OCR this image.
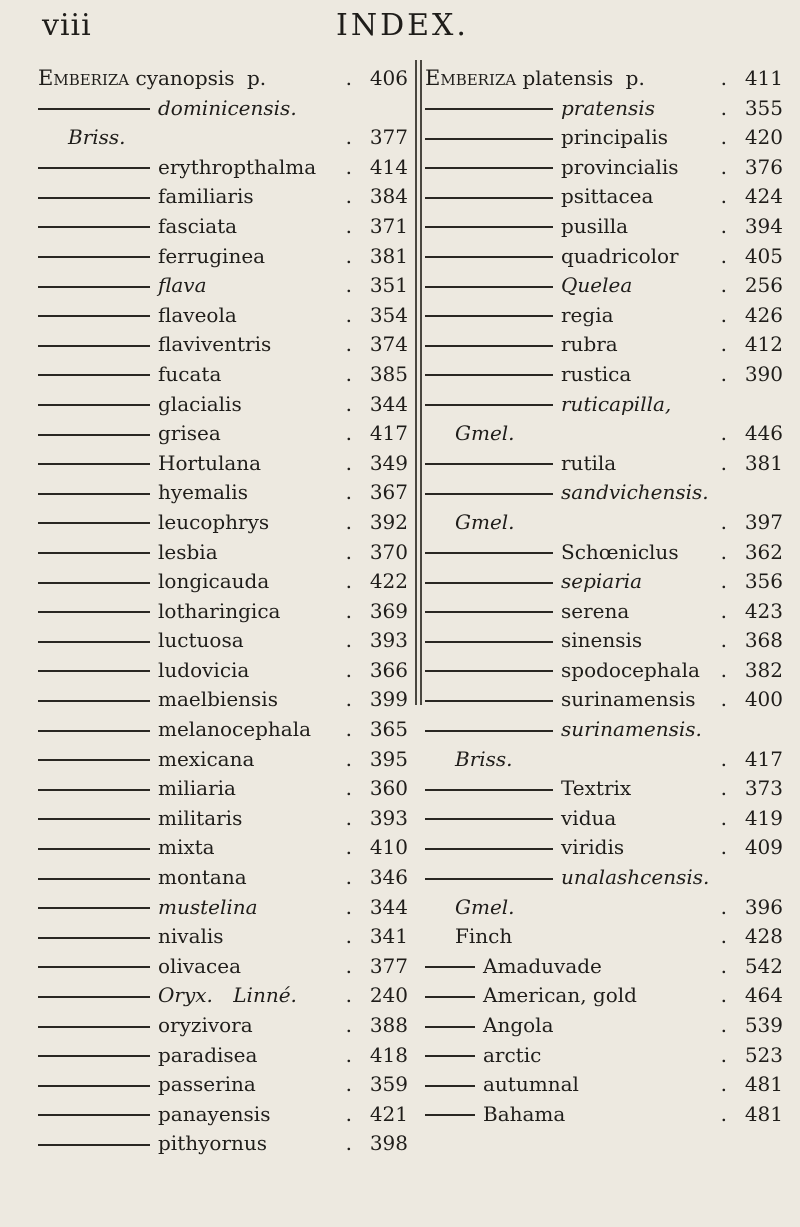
viii	INDEX.
Emberiza cyanopsis p.	406
.
dominicensis.
Briss.	377
.
erythropthalma	414
.
familiaris	384
.
fasciata	371
.
ferruginea	381
.
flava	351
.
flaveola	354
.
flaviventris	374
.
fucata	385
.
glacialis	344
.
grisea	417
.
Hortulana	349
.
hyemalis	367
.
leucophrys	392
.
lesbia	370
.
longicauda	422
.
lotharingica	369
.
luctuosa	393
.
ludovicia	366
.
maelbiensis	399
.
melanocephala	365
.
mexicana	395
.
miliaria	360
.
militaris	393
.
mixta	410
.
montana	346
.
mustelina	344
.
nivalis	341
.
olivacea	377
.
Oryx. Linné.	240
.
oryzivora	388
.
paradisea	418
.
passerina	359
.
panayensis	421
.
pithyornus	398
.
Emberiza platensis p.	411
.
pratensis	355
.
principalis	420
.
provincialis	376
.
psittacea	424
.
pusilla	394
.
quadricolor	405
.
Quelea	256
.
regia	426
.
rubra	412
.
rustica	390
.
ruticapilla,
Gmel.	446
.
rutila	381
.
sandvichensis.
Gmel.	397
.
Schœniclus	362
.
sepiaria	356
.
serena	423
.
sinensis	368
.
spodocephala 382
.
surinamensis 400
.
surinamensis.
Briss.	417
.
Textrix	373
.
vidua	419
.
viridis	409
.
unalashcensis.
Gmel.	396
.
Finch	428
.
Amaduvade	542
.
American, gold	464
.
Angola	539
.
arctic	523
.
autumnal	481
.
Bahama	481
.
